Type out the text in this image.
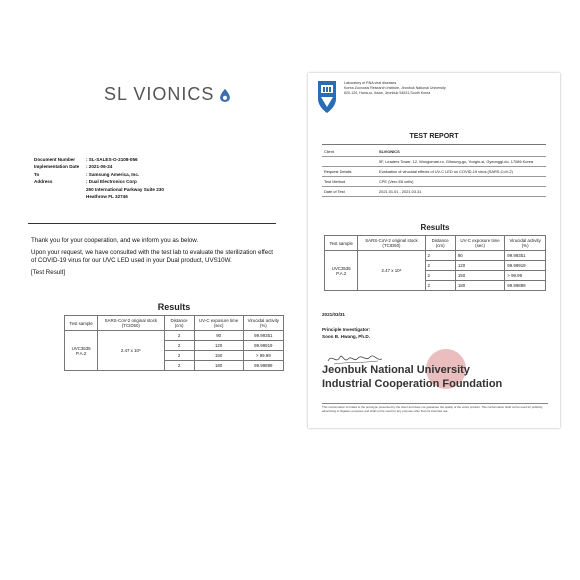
SL VIONICS
Document Number	: SL-SALES-O-2108-056
Implementation Date	: 2021-06-24
To	: Samsung America, Inc.
Address	: Dual Electronics Corp
250 International Parkway Suite 230
Heathrow FL 32746

Thank you for your cooperation, and we inform you as below.

Upon your request, we have consulted with the test lab to evaluate the sterilization effect of COVID-19 virus for our UVC LED used in your Dual product, UVS10W.

[Test Result]

Results
Test sample	SARS-CoV-2 original stock (TCID50)	Distance (cm)	UV-C exposure time (sec)	Virucidal activity (%)
UVC3535 P.A.2	2.47 x 10⁶	2	90	99.99351
		2	120	99.99919
		2	150	> 99.99
		2	180	99.99899
Laboratory of RNA viral diseases
Korea Zoonosis Research Institute, Jeonbuk National University
820-120, Hana-ro, Iksan, Jeonbuk 54531,South Korea
TEST REPORT
Client	SLVIONICS
5F, Leaders Tower, 12, Wongomae-ro, Giheung-gu, Yongin-si, Gyeonggi-do, 17086 Korea
Request Details	Evaluation of virucidal effects of UV-C LED on COVID-19 virus (SARS-CoV-2)
Test Method	CPE (Vero E6 cells)
Date of Test	2021.01.01 - 2021.03.31
Results
Test sample	SARS-CoV-2 original stock (TCID50)	Distance (cm)	UV-C exposure time (sec)	Virucidal activity (%)
UVC3535 P.A.2	2.47 x 10⁶	2	90	99.99351
		2	120	99.99919
		2	150	> 99.99
		2	180	99.99899
2021/03/31
Principle Investigator:
Soon B. Hwang, Ph.D.
Jeonbuk National University
Industrial Cooperation Foundation
This conformation is limited to the prototype presented by the client and does not guarantee the quality of the entire product. This conformation shall not be used for publicity, advertising or litigation purposes and shall not be used for any purpose other than its intended use.
